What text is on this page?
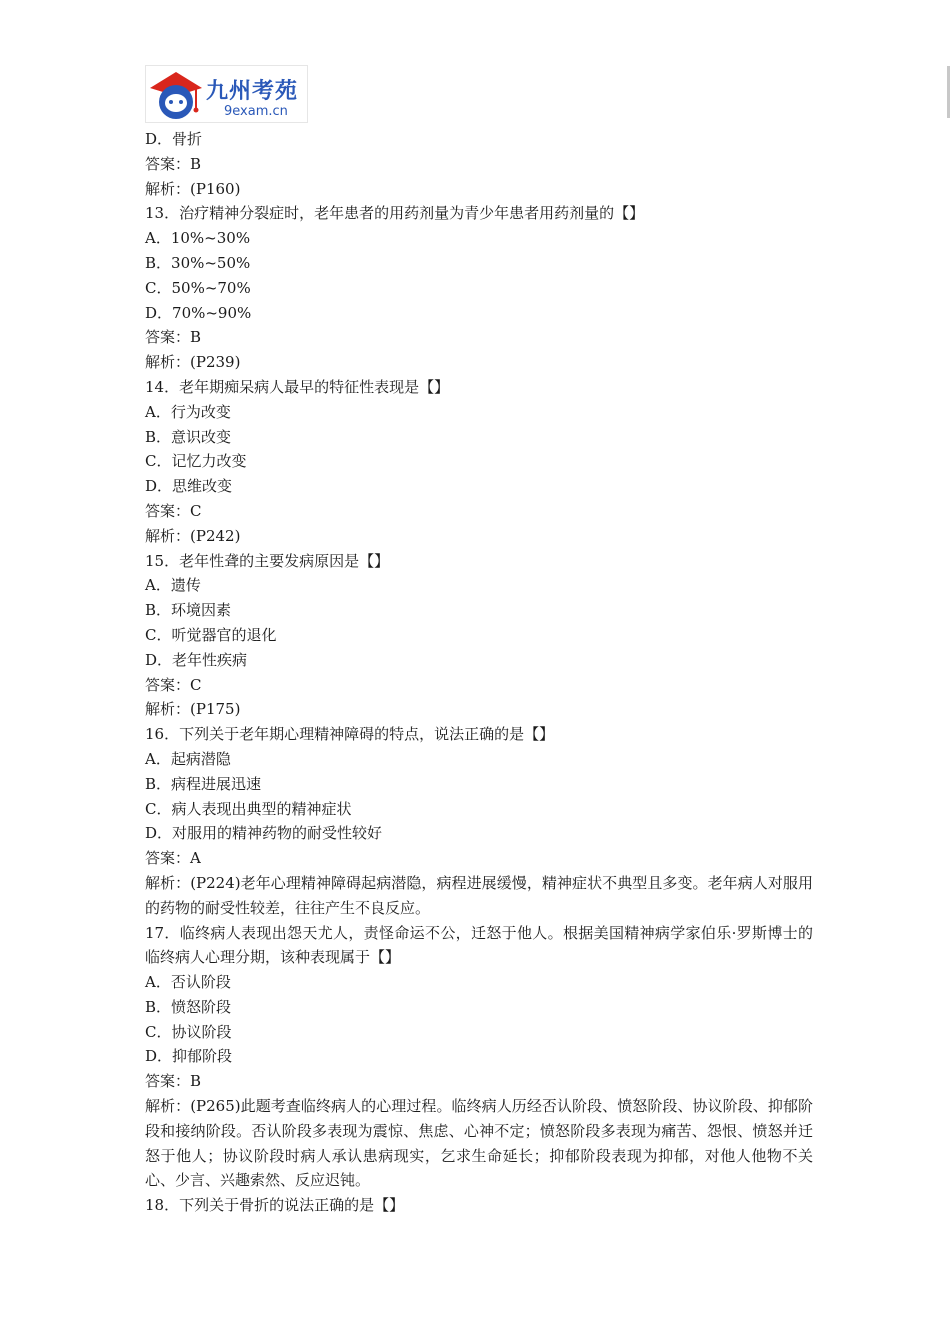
九州考苑
9exam.cn
D．骨折
答案：B
解析：(P160)
13．治疗精神分裂症时，老年患者的用药剂量为青少年患者用药剂量的【】
A．10%~30%
B．30%~50%
C．50%~70%
D．70%~90%
答案：B
解析：(P239)
14．老年期痴呆病人最早的特征性表现是【】
A．行为改变
B．意识改变
C．记忆力改变
D．思维改变
答案：C
解析：(P242)
15．老年性聋的主要发病原因是【】
A．遗传
B．环境因素
C．听觉器官的退化
D．老年性疾病
答案：C
解析：(P175)
16．下列关于老年期心理精神障碍的特点，说法正确的是【】
A．起病潜隐
B．病程进展迅速
C．病人表现出典型的精神症状
D．对服用的精神药物的耐受性较好
答案：A
解析：(P224)老年心理精神障碍起病潜隐，病程进展缓慢，精神症状不典型且多变。老年病人对服用的药物的耐受性较差，往往产生不良反应。
17．临终病人表现出怨天尤人，责怪命运不公，迁怒于他人。根据美国精神病学家伯乐·罗斯博士的临终病人心理分期，该种表现属于【】
A．否认阶段
B．愤怒阶段
C．协议阶段
D．抑郁阶段
答案：B
解析：(P265)此题考查临终病人的心理过程。临终病人历经否认阶段、愤怒阶段、协议阶段、抑郁阶段和接纳阶段。否认阶段多表现为震惊、焦虑、心神不定；愤怒阶段多表现为痛苦、怨恨、愤怒并迁怒于他人；协议阶段时病人承认患病现实，乞求生命延长；抑郁阶段表现为抑郁，对他人他物不关心、少言、兴趣索然、反应迟钝。
18．下列关于骨折的说法正确的是【】
